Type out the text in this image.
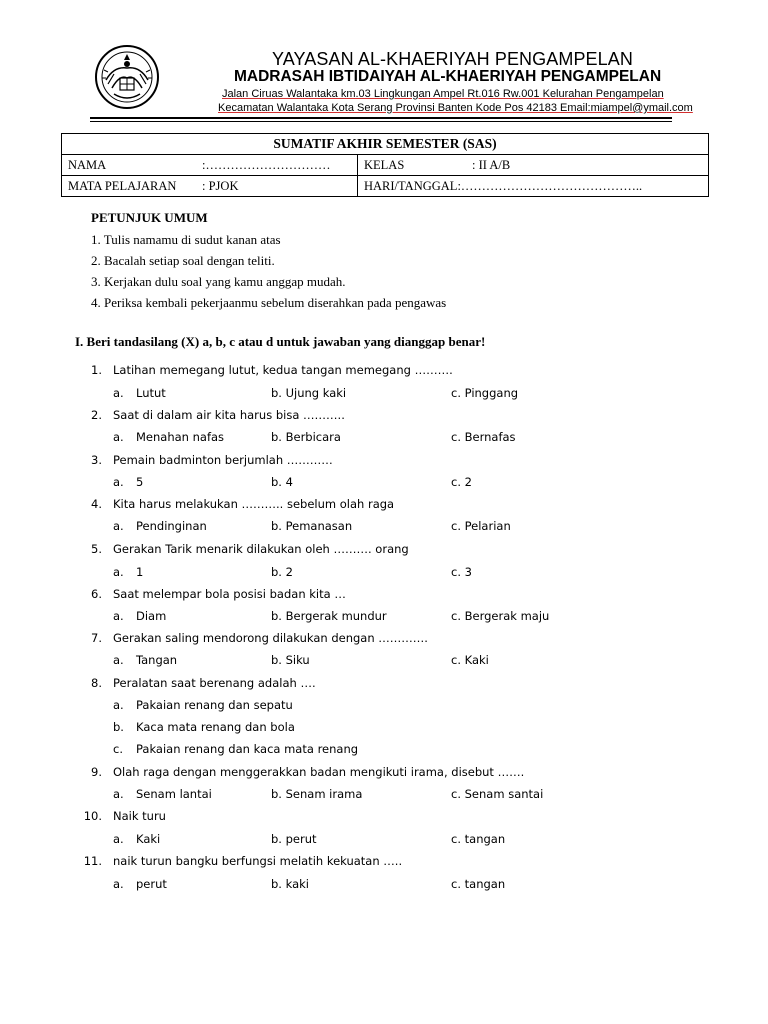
YAYASAN AL-KHAERIYAH PENGAMPELAN
MADRASAH IBTIDAIYAH AL-KHAERIYAH PENGAMPELAN
Jalan Ciruas Walantaka km.03 Lingkungan Ampel Rt.016 Rw.001 Kelurahan Pengampelan
Kecamatan Walantaka Kota Serang Provinsi Banten Kode Pos 42183 Email:miampel@ymail.com
SUMATIF AKHIR SEMESTER (SAS)	
NAMA :…………………………	KELAS : II A/B
MATA PELAJARAN : PJOK	HARI/TANGGAL:……………………………………..
PETUNJUK UMUM
1. Tulis namamu di sudut kanan atas
2. Bacalah setiap soal dengan teliti.
3. Kerjakan dulu soal yang kamu anggap mudah.
4. Periksa kembali pekerjaanmu sebelum diserahkan pada pengawas
I. Beri tandasilang (X) a, b, c atau d untuk jawaban yang dianggap benar!
1. Latihan memegang lutut, kedua tangan memegang ……….
a. Lutut	b. Ujung kaki	c. Pinggang
2. Saat di dalam air kita harus bisa ………..
a. Menahan nafas	b. Berbicara	c. Bernafas
3. Pemain badminton berjumlah …………
a. 5	b. 4	c. 2
4. Kita harus melakukan ……….. sebelum olah raga
a. Pendinginan	b. Pemanasan	c. Pelarian
5. Gerakan Tarik menarik dilakukan oleh ………. orang
a. 1	b. 2	c. 3
6. Saat melempar bola posisi badan kita …
a. Diam	b. Bergerak mundur	c. Bergerak maju
7. Gerakan saling mendorong dilakukan dengan ………….
a. Tangan	b. Siku	c. Kaki
8. Peralatan saat berenang adalah ….
a. Pakaian renang dan sepatu
b. Kaca mata renang dan bola
c. Pakaian renang dan kaca mata renang
9. Olah raga dengan menggerakkan badan mengikuti irama, disebut …….
a. Senam lantai	b. Senam irama	c. Senam santai
10. Naik turu
a. Kaki	b. perut	c. tangan
11. naik turun bangku berfungsi melatih kekuatan …..
a. perut	b. kaki	c. tangan
